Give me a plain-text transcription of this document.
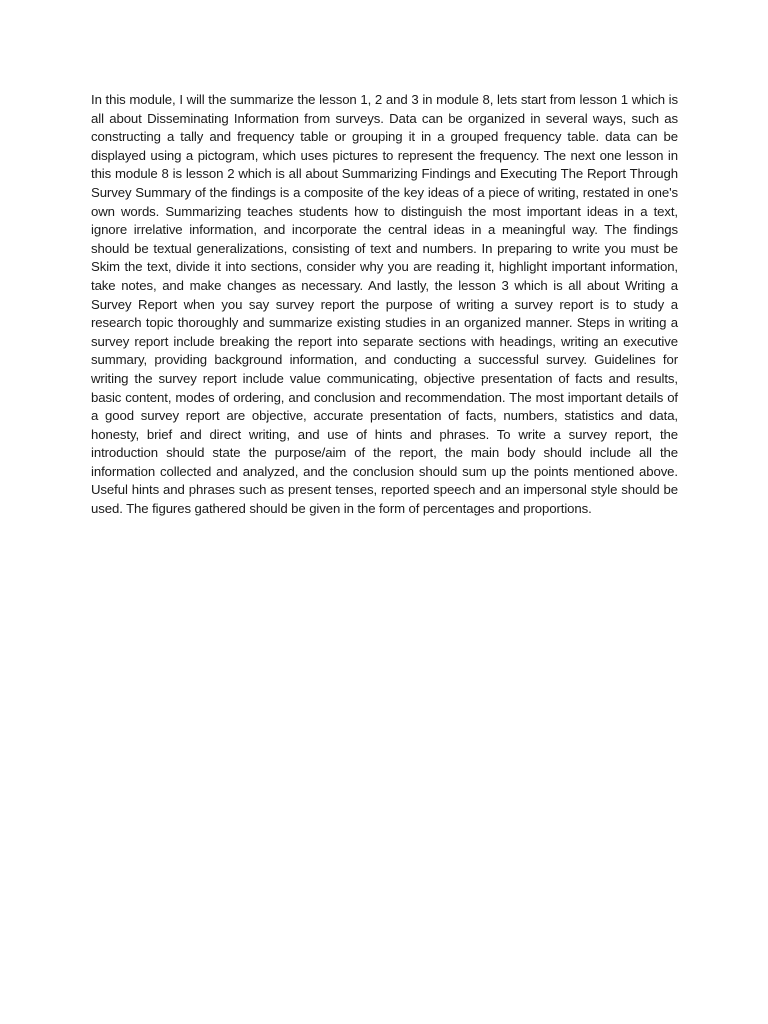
In this module, I will the summarize the lesson 1, 2 and 3 in module 8, lets start from lesson 1 which is all about Disseminating Information from surveys. Data can be organized in several ways, such as constructing a tally and frequency table or grouping it in a grouped frequency table. data can be displayed using a pictogram, which uses pictures to represent the frequency. The next one lesson in this module 8 is lesson 2 which is all about Summarizing Findings and Executing The Report Through Survey Summary of the findings is a composite of the key ideas of a piece of writing, restated in one's own words. Summarizing teaches students how to distinguish the most important ideas in a text, ignore irrelative information, and incorporate the central ideas in a meaningful way. The findings should be textual generalizations, consisting of text and numbers. In preparing to write you must be Skim the text, divide it into sections, consider why you are reading it, highlight important information, take notes, and make changes as necessary. And lastly, the lesson 3 which is all about Writing a Survey Report when you say survey report the purpose of writing a survey report is to study a research topic thoroughly and summarize existing studies in an organized manner. Steps in writing a survey report include breaking the report into separate sections with headings, writing an executive summary, providing background information, and conducting a successful survey. Guidelines for writing the survey report include value communicating, objective presentation of facts and results, basic content, modes of ordering, and conclusion and recommendation. The most important details of a good survey report are objective, accurate presentation of facts, numbers, statistics and data, honesty, brief and direct writing, and use of hints and phrases. To write a survey report, the introduction should state the purpose/aim of the report, the main body should include all the information collected and analyzed, and the conclusion should sum up the points mentioned above. Useful hints and phrases such as present tenses, reported speech and an impersonal style should be used. The figures gathered should be given in the form of percentages and proportions.
